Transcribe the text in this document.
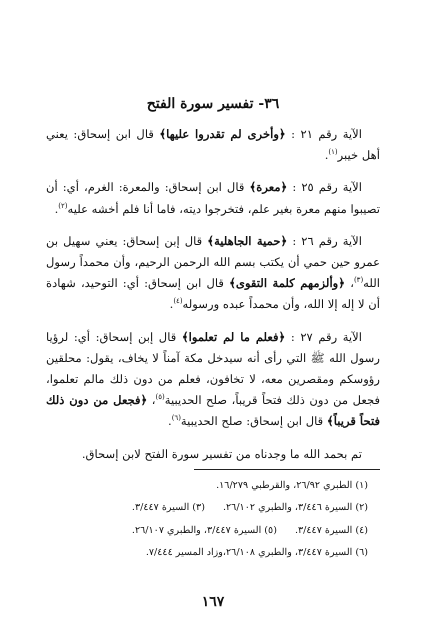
٣٦- تفسير سورة الفتح

الآية رقم ٢١ : ﴿وأخرى لم تقدروا عليها﴾ قال ابن إسحاق: يعني أهل خيبر$^{(١)}$.

الآية رقم ٢٥ : ﴿معرة﴾ قال ابن إسحاق: والمعرة: الغرم، أي: أن تصيبوا منهم معرة بغير علم، فتخرجوا ديته، فاما أنا فلم أخشه عليه$^{(٢)}$.

الآية رقم ٢٦ : ﴿حمية الجاهلية﴾ قال إبن إسحاق: يعني سهيل بن عمرو حين حمي أن يكتب بسم الله الرحمن الرحيم، وأن محمداً رسول الله$^{(٣)}$، ﴿وألزمهم كلمة التقوى﴾ قال ابن إسحاق: أي: التوحيد، شهادة أن لا إله إلا الله، وأن محمداً عبده ورسوله$^{(٤)}$.

الآية رقم ٢٧ : ﴿فعلم ما لم تعلموا﴾ قال إبن إسحاق: أي: لرؤيا رسول الله ﷺ التي رأى أنه سيدخل مكة آمناً لا يخاف، يقول: محلقين رؤوسكم ومقصرين معه، لا تخافون، فعلم من دون ذلك مالم تعلموا، فجعل من دون ذلك فتحاً قريباً، صلح الحديبية$^{(٥)}$، ﴿فجعل من دون ذلك فتحاً قريباً﴾ قال ابن إسحاق: صلح الحديبية$^{(٦)}$.

تم بحمد الله ما وجدناه من تفسير سورة الفتح لابن إسحاق.

(١) الطبري ٢٦/٩٢، والقرطبي ١٦/٢٧٩.
(٢) السيرة ٣/٤٤٦، والطبري ٢٦/١٠٢.
(٣) السيرة ٣/٤٤٧.
(٤) السيرة ٣/٤٤٧.
(٥) السيرة ٣/٤٤٧، والطبري ٢٦/١٠٧.
(٦) السيرة ٣/٤٤٧، والطبري ٢٦/١٠٨،وزاد المسير ٧/٤٤٤.
١٦٧
